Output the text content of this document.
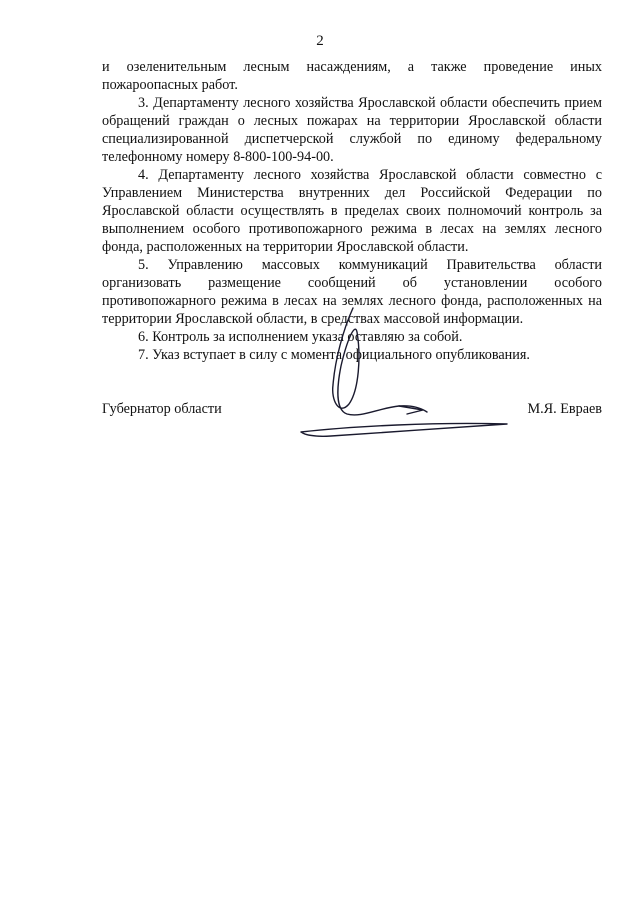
2

и озеленительным лесным насаждениям, а также проведение иных пожароопасных работ.

3. Департаменту лесного хозяйства Ярославской области обеспечить прием обращений граждан о лесных пожарах на территории Ярославской области специализированной диспетчерской службой по единому федеральному телефонному номеру 8-800-100-94-00.

4. Департаменту лесного хозяйства Ярославской области совместно с Управлением Министерства внутренних дел Российской Федерации по Ярославской области осуществлять в пределах своих полномочий контроль за выполнением особого противопожарного режима в лесах на землях лесного фонда, расположенных на территории Ярославской области.

5. Управлению массовых коммуникаций Правительства области организовать размещение сообщений об установлении особого противопожарного режима в лесах на землях лесного фонда, расположенных на территории Ярославской области, в средствах массовой информации.

6. Контроль за исполнением указа оставляю за собой.

7. Указ вступает в силу с момента официального опубликования.

Губернатор области	М.Я. Евраев
